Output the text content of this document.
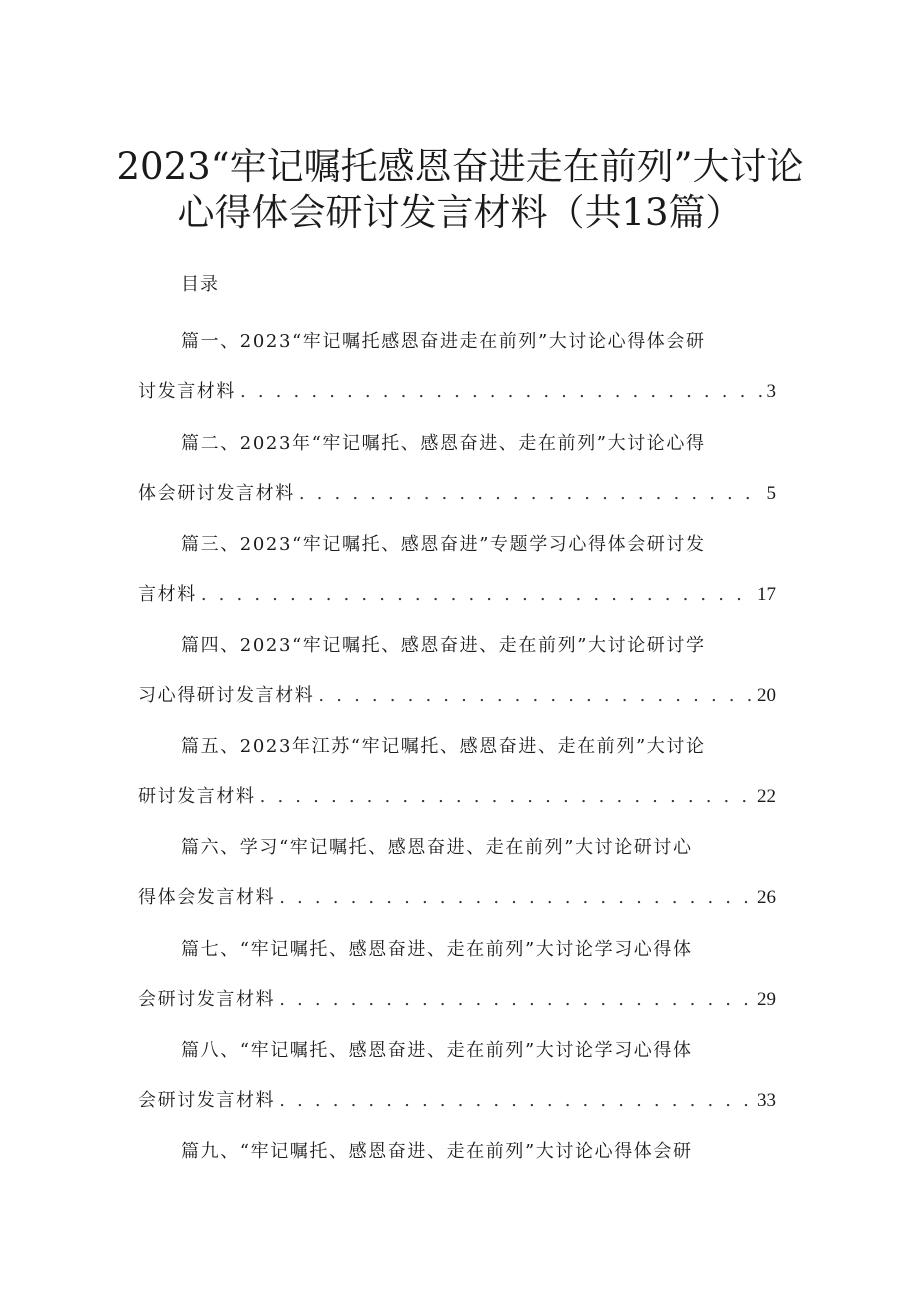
2023“牢记嘱托感恩奋进走在前列”大讨论
心得体会研讨发言材料（共13篇）
目录
篇一、2023“牢记嘱托感恩奋进走在前列”大讨论心得体会研
讨发言材料 . . .	3
篇二、2023年“牢记嘱托、感恩奋进、走在前列”大讨论心得
体会研讨发言材料 . . .	5
篇三、2023“牢记嘱托、感恩奋进”专题学习心得体会研讨发
言材料 . . .	17
篇四、2023“牢记嘱托、感恩奋进、走在前列”大讨论研讨学
习心得研讨发言材料 . . .	20
篇五、2023年江苏“牢记嘱托、感恩奋进、走在前列”大讨论
研讨发言材料 . . .	22
篇六、学习“牢记嘱托、感恩奋进、走在前列”大讨论研讨心
得体会发言材料 . . .	26
篇七、“牢记嘱托、感恩奋进、走在前列”大讨论学习心得体
会研讨发言材料 . . .	29
篇八、“牢记嘱托、感恩奋进、走在前列”大讨论学习心得体
会研讨发言材料 . . .	33
篇九、“牢记嘱托、感恩奋进、走在前列”大讨论心得体会研
